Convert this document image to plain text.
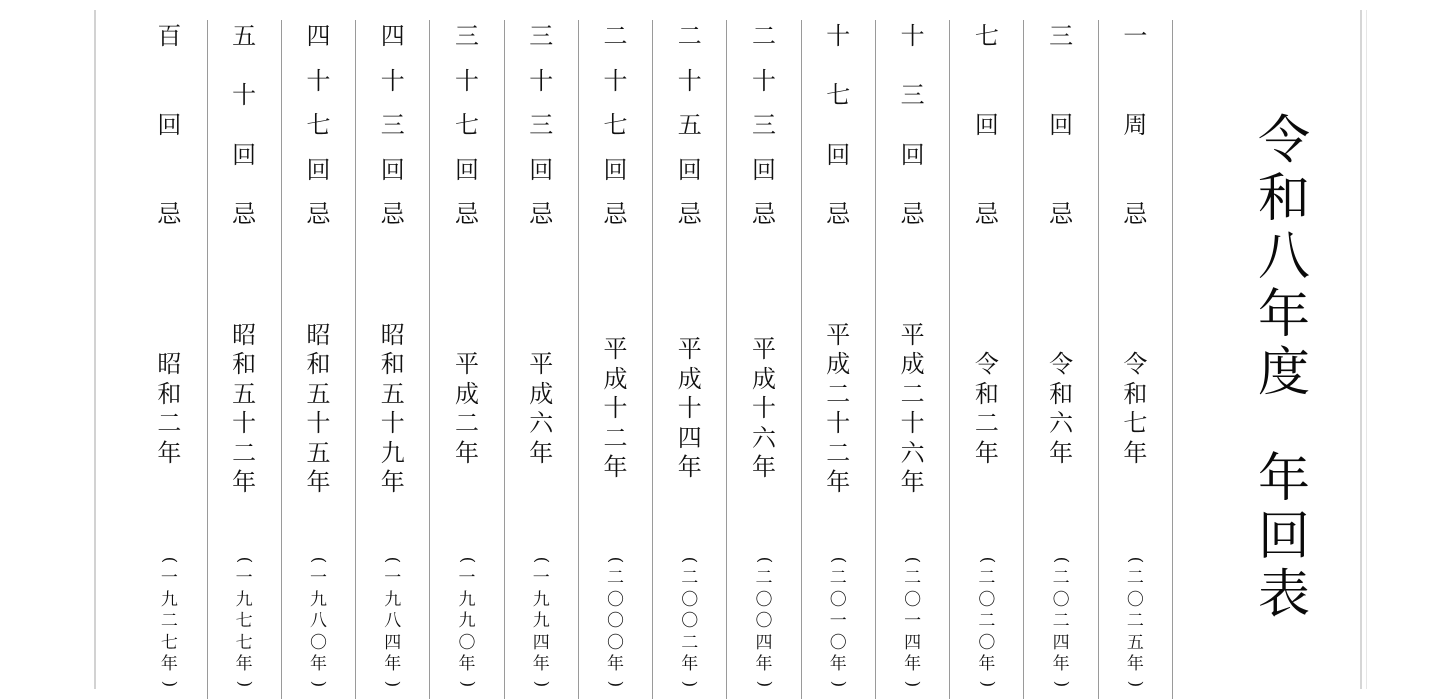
令
和
八
年
度
年
回
表
一
周
忌
令
和
七
年
(
二
〇
二
五
年
)
三
回
忌
令
和
六
年
(
二
〇
二
四
年
)
七
回
忌
令
和
二
年
(
二
〇
二
〇
年
)
十
三
回
忌
平
成
二
十
六
年
(
二
〇
一
四
年
)
十
七
回
忌
平
成
二
十
二
年
(
二
〇
一
〇
年
)
二
十
三
回
忌
平
成
十
六
年
(
二
〇
〇
四
年
)
二
十
五
回
忌
平
成
十
四
年
(
二
〇
〇
二
年
)
二
十
七
回
忌
平
成
十
二
年
(
二
〇
〇
〇
年
)
三
十
三
回
忌
平
成
六
年
(
一
九
九
四
年
)
三
十
七
回
忌
平
成
二
年
(
一
九
九
〇
年
)
四
十
三
回
忌
昭
和
五
十
九
年
(
一
九
八
四
年
)
四
十
七
回
忌
昭
和
五
十
五
年
(
一
九
八
〇
年
)
五
十
回
忌
昭
和
五
十
二
年
(
一
九
七
七
年
)
百
回
忌
昭
和
二
年
(
一
九
二
七
年
)
